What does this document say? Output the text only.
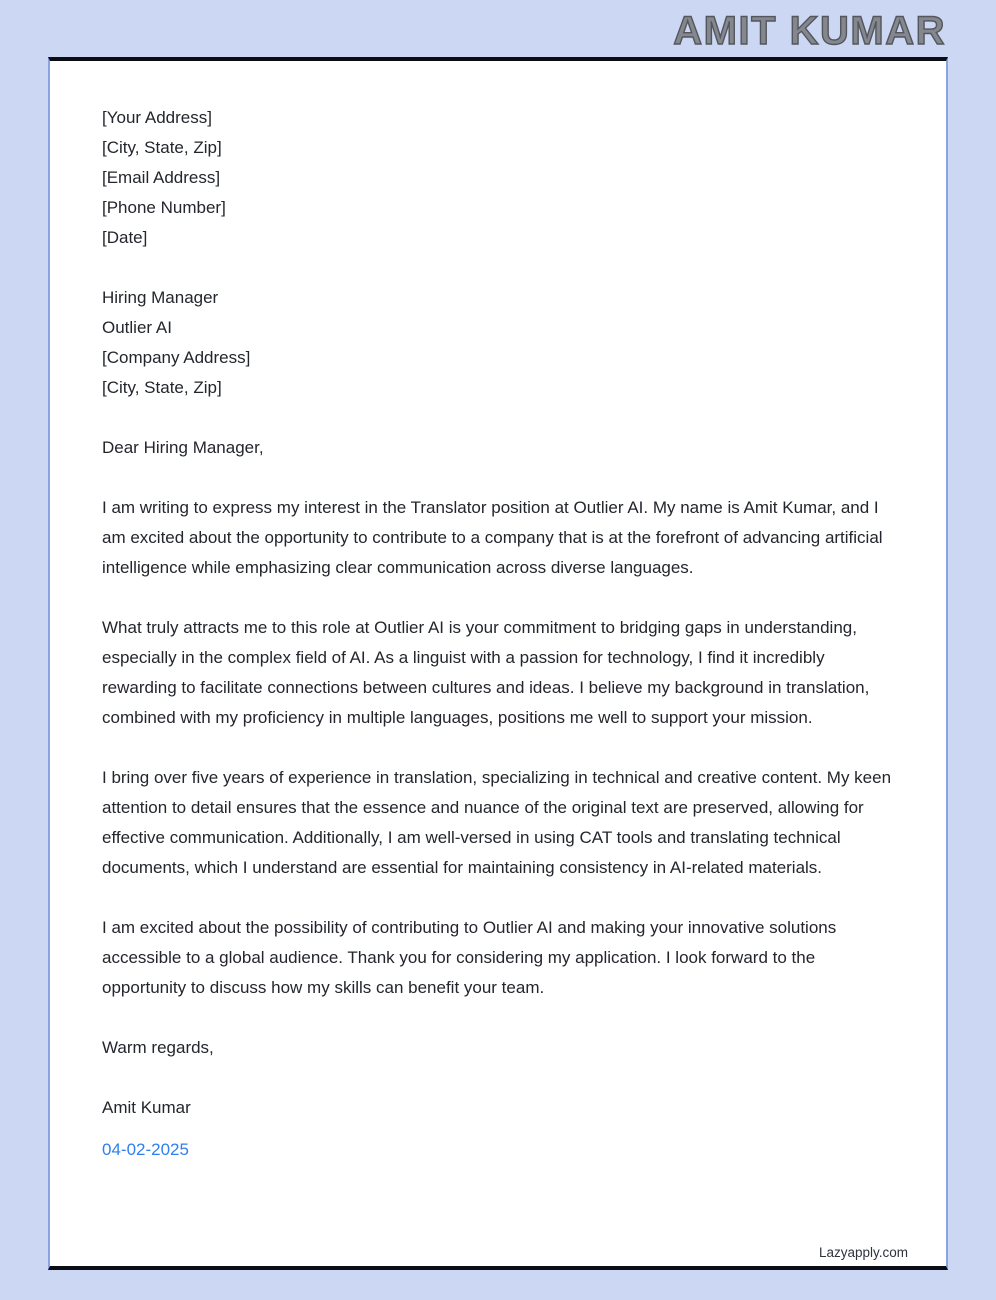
AMIT KUMAR

[Your Address]

[City, State, Zip]

[Email Address]

[Phone Number]

[Date]

Hiring Manager

Outlier AI

[Company Address]

[City, State, Zip]

Dear Hiring Manager,

I am writing to express my interest in the Translator position at Outlier AI. My name is Amit Kumar, and I am excited about the opportunity to contribute to a company that is at the forefront of advancing artificial intelligence while emphasizing clear communication across diverse languages.

What truly attracts me to this role at Outlier AI is your commitment to bridging gaps in understanding, especially in the complex field of AI. As a linguist with a passion for technology, I find it incredibly rewarding to facilitate connections between cultures and ideas. I believe my background in translation, combined with my proficiency in multiple languages, positions me well to support your mission.

I bring over five years of experience in translation, specializing in technical and creative content. My keen attention to detail ensures that the essence and nuance of the original text are preserved, allowing for effective communication. Additionally, I am well-versed in using CAT tools and translating technical documents, which I understand are essential for maintaining consistency in AI-related materials.

I am excited about the possibility of contributing to Outlier AI and making your innovative solutions accessible to a global audience. Thank you for considering my application. I look forward to the opportunity to discuss how my skills can benefit your team.

Warm regards,

Amit Kumar

04-02-2025

Lazyapply.com
